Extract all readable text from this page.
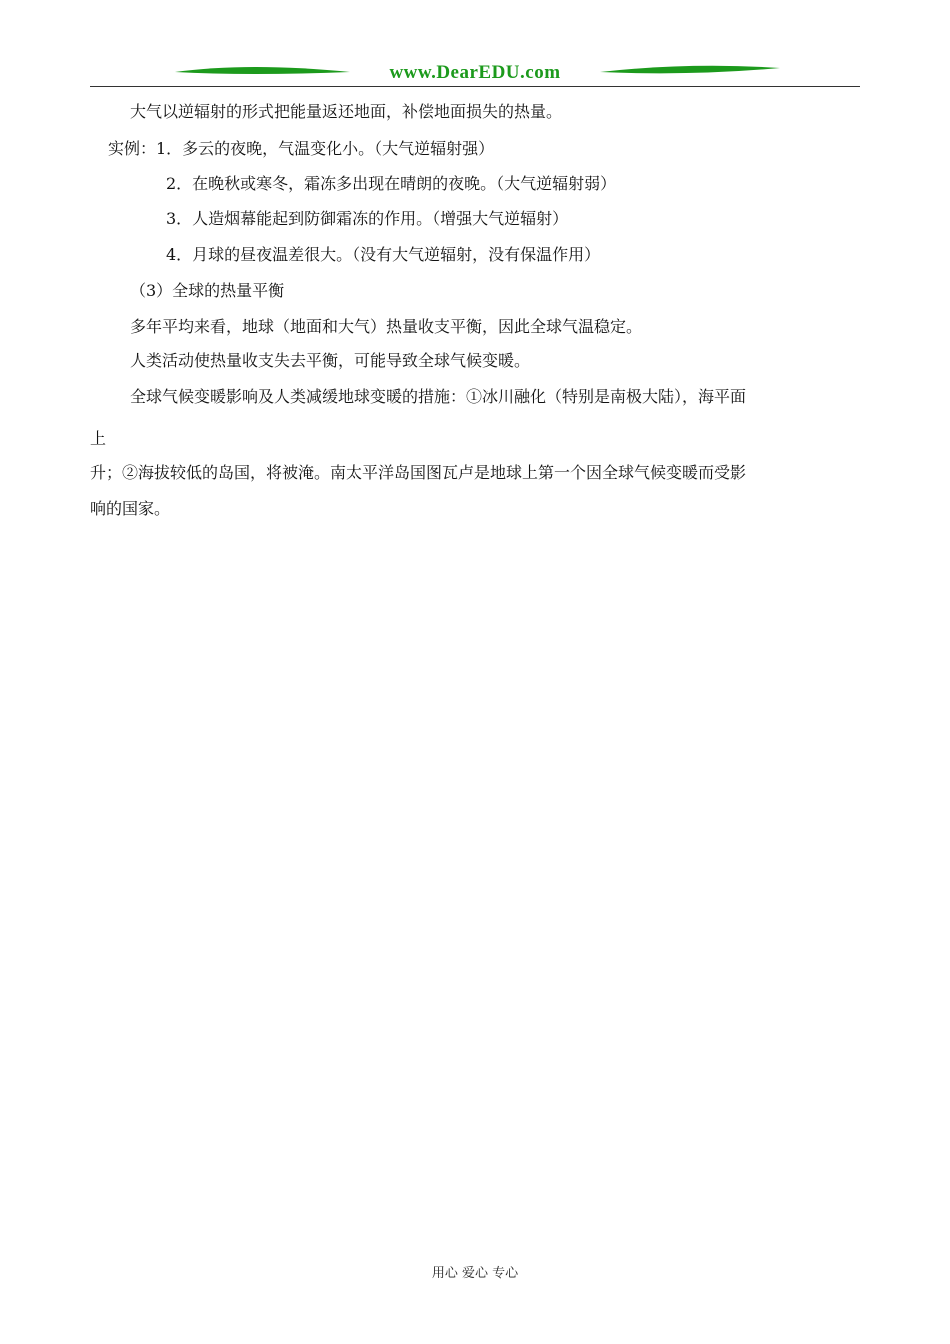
www.DearEDU.com
大气以逆辐射的形式把能量返还地面，补偿地面损失的热量。
实例：1．多云的夜晚，气温变化小。（大气逆辐射强）
2．在晚秋或寒冬，霜冻多出现在晴朗的夜晚。（大气逆辐射弱）
3．人造烟幕能起到防御霜冻的作用。（增强大气逆辐射）
4．月球的昼夜温差很大。（没有大气逆辐射，没有保温作用）
（3）全球的热量平衡
多年平均来看，地球（地面和大气）热量收支平衡，因此全球气温稳定。
人类活动使热量收支失去平衡，可能导致全球气候变暖。
全球气候变暖影响及人类减缓地球变暖的措施：①冰川融化（特别是南极大陆），海平面
上
升；②海拔较低的岛国，将被淹。南太平洋岛国图瓦卢是地球上第一个因全球气候变暖而受影
响的国家。
用心 爱心 专心
